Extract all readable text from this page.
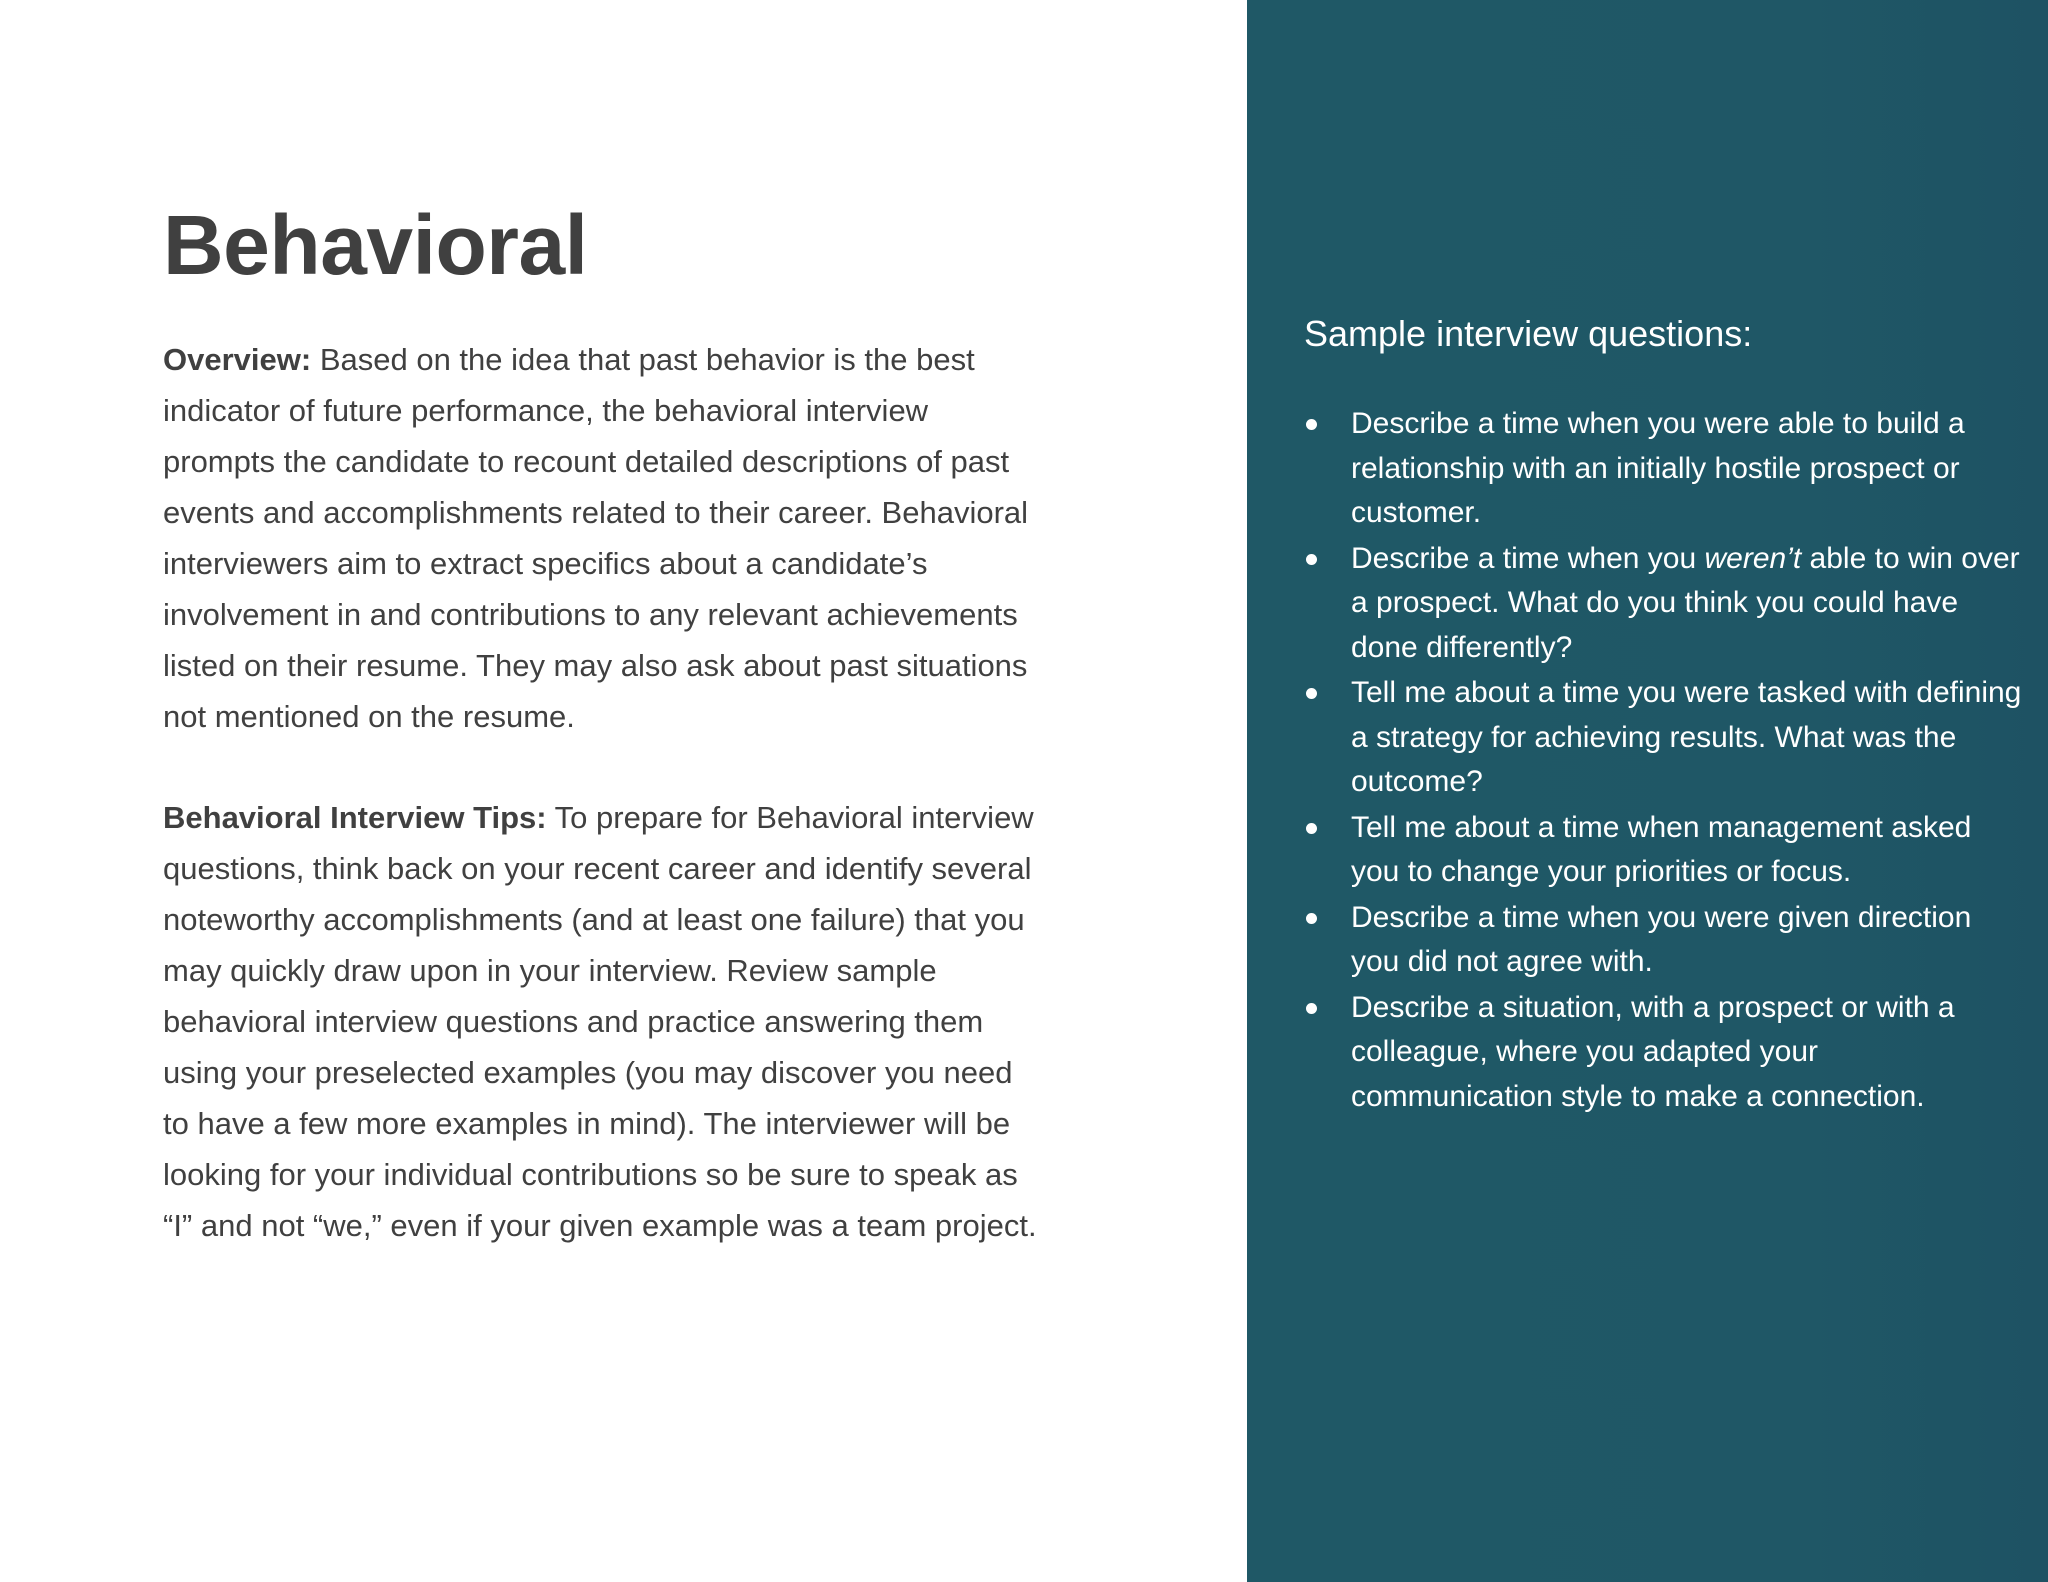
Behavioral

Overview: Based on the idea that past behavior is the best indicator of future performance, the behavioral interview prompts the candidate to recount detailed descriptions of past events and accomplishments related to their career. Behavioral interviewers aim to extract specifics about a candidate’s involvement in and contributions to any relevant achievements listed on their resume. They may also ask about past situations not mentioned on the resume.

Behavioral Interview Tips: To prepare for Behavioral interview questions, think back on your recent career and identify several noteworthy accomplishments (and at least one failure) that you may quickly draw upon in your interview. Review sample behavioral interview questions and practice answering them using your preselected examples (you may discover you need to have a few more examples in mind). The interviewer will be looking for your individual contributions so be sure to speak as “I” and not “we,” even if your given example was a team project.

Sample interview questions:
Describe a time when you were able to build a relationship with an initially hostile prospect or customer.
Describe a time when you weren’t able to win over a prospect. What do you think you could have done differently?
Tell me about a time you were tasked with defining a strategy for achieving results. What was the outcome?
Tell me about a time when management asked you to change your priorities or focus.
Describe a time when you were given direction you did not agree with.
Describe a situation, with a prospect or with a colleague, where you adapted your communication style to make a connection.
